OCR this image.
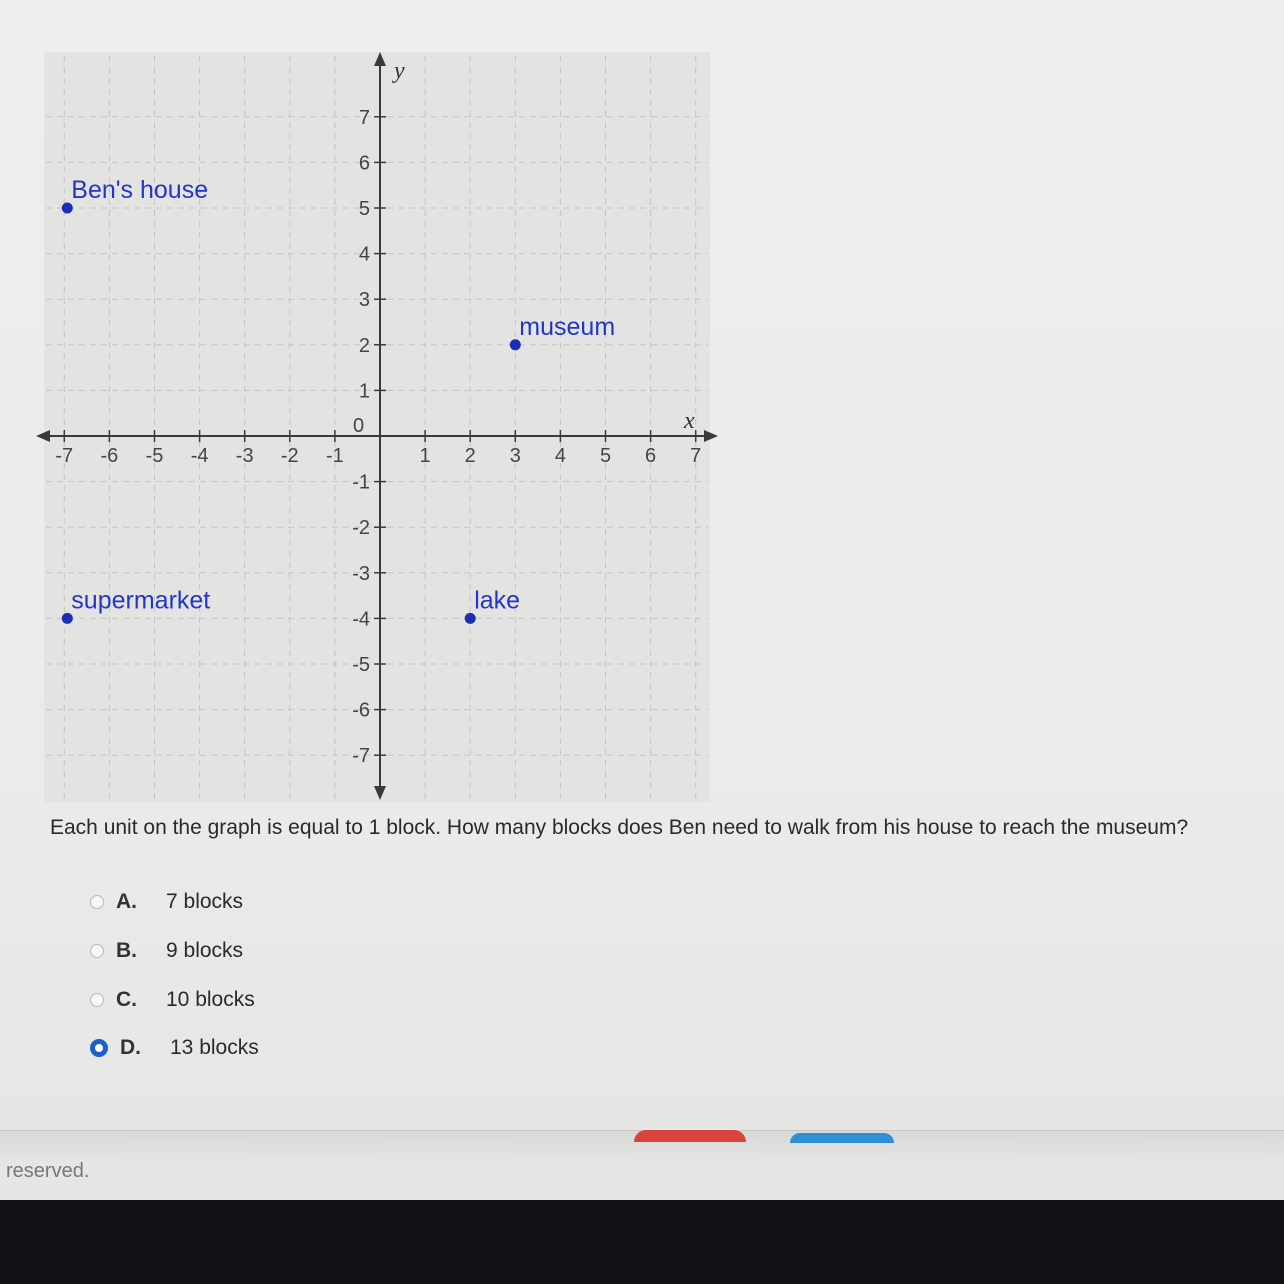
-7 -6 -5 -4 -3 -2 -1	1 2 3 4 5 6 7
7
6
5
4
3
2
1
-1
-2
-3
-4
-5
-6
-7
y
x
0
Ben's house
museum
supermarket	lake
Each unit on the graph is equal to 1 block. How many blocks does Ben need to walk from his house to reach the museum?
A.	7 blocks
B.	9 blocks
C.	10 blocks
D.	13 blocks
reserved.
